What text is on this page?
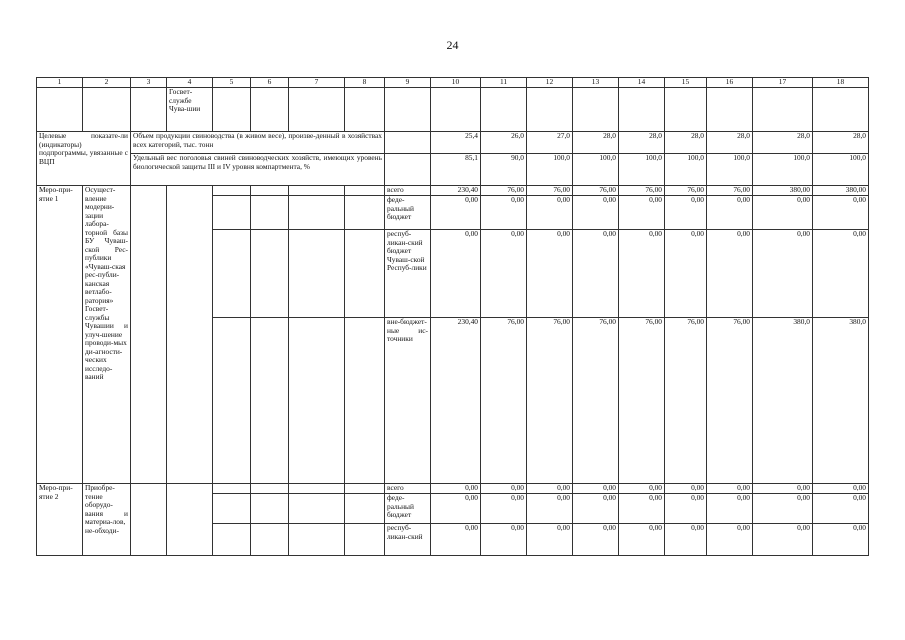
24
1	2	3	4	5	6	7	8	9	10	11	12	13	14	15	16	17	18
			Госвет-службе Чува-шии														
Целевые показате-ли (индикаторы) подпрограммы, увязанные с ВЦП		Объем продукции свиноводства (в живом весе), произве-денный в хозяйствах всех категорий, тыс. тонн							25,4	26,0	27,0	28,0	28,0	28,0	28,0	28,0	28,0
		Удельный вес поголовья свиней свиноводческих хозяйств, имеющих уровень биологической защиты III и IV уровня компартмента, %							85,1	90,0	100,0	100,0	100,0	100,0	100,0	100,0	100,0
Меро-при-ятие 1	Осущест-вление модерни-зации лабора-торной базы БУ Чуваш-ской Рес-публики «Чуваш-ская рес-публи-канская ветлабо-ратория» Госвет-службы Чувашии и улуч-шение проводи-мых ди-агности-ческих исследо-ваний							всего	230,40	76,00	76,00	76,00	76,00	76,00	76,00	380,00	380,00
								феде-ральный бюджет	0,00	0,00	0,00	0,00	0,00	0,00	0,00	0,00	0,00
								респуб-ликан-ский бюджет Чуваш-ской Респуб-лики	0,00	0,00	0,00	0,00	0,00	0,00	0,00	0,00	0,00
								вне-бюджет-ные ис-точники	230,40	76,00	76,00	76,00	76,00	76,00	76,00	380,0	380,0
Меро-при-ятие 2	Приобре-тение оборудо-вания и материа-лов, не-обходи-							всего	0,00	0,00	0,00	0,00	0,00	0,00	0,00	0,00	0,00
								феде-ральный бюджет	0,00	0,00	0,00	0,00	0,00	0,00	0,00	0,00	0,00
								респуб-ликан-ский	0,00	0,00	0,00	0,00	0,00	0,00	0,00	0,00	0,00
